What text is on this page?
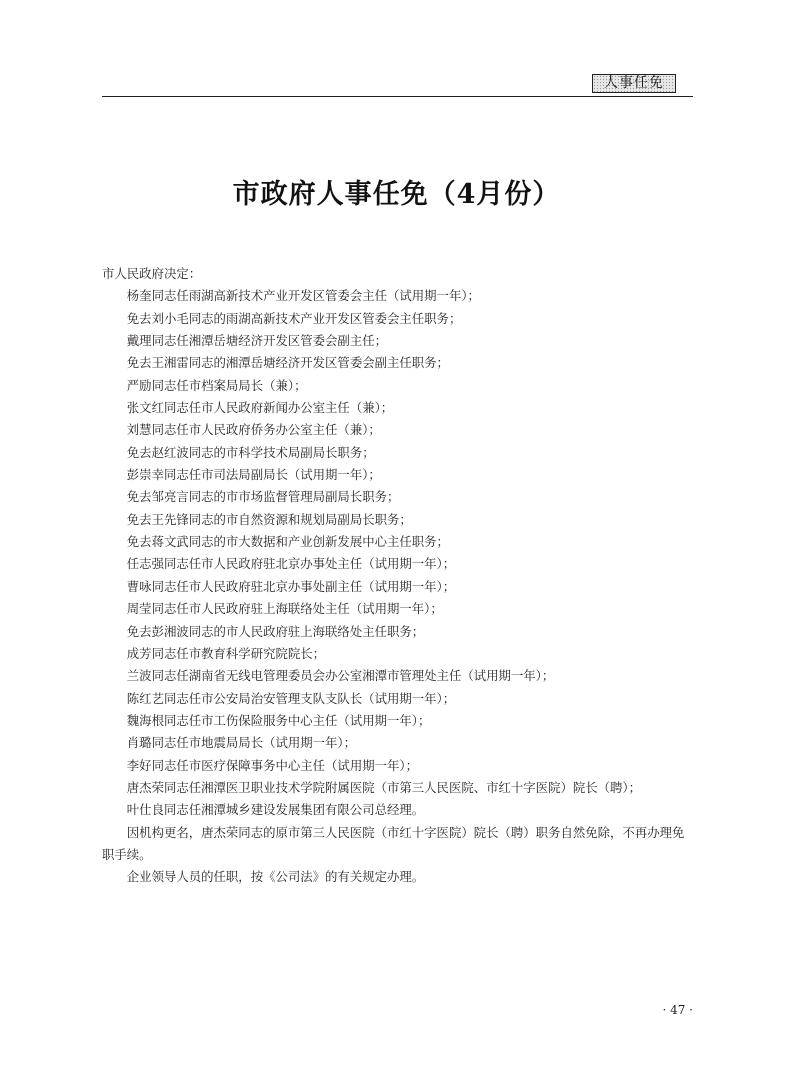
人事任免
市政府人事任免（4月份）

市人民政府决定：

杨奎同志任雨湖高新技术产业开发区管委会主任（试用期一年）；

免去刘小毛同志的雨湖高新技术产业开发区管委会主任职务；

戴理同志任湘潭岳塘经济开发区管委会副主任；

免去王湘雷同志的湘潭岳塘经济开发区管委会副主任职务；

严励同志任市档案局局长（兼）；

张文红同志任市人民政府新闻办公室主任（兼）；

刘慧同志任市人民政府侨务办公室主任（兼）；

免去赵红波同志的市科学技术局副局长职务；

彭崇幸同志任市司法局副局长（试用期一年）；

免去邹亮言同志的市市场监督管理局副局长职务；

免去王先锋同志的市自然资源和规划局副局长职务；

免去蒋文武同志的市大数据和产业创新发展中心主任职务；

任志强同志任市人民政府驻北京办事处主任（试用期一年）；

曹咏同志任市人民政府驻北京办事处副主任（试用期一年）；

周莹同志任市人民政府驻上海联络处主任（试用期一年）；

免去彭湘波同志的市人民政府驻上海联络处主任职务；

成芳同志任市教育科学研究院院长；

兰波同志任湖南省无线电管理委员会办公室湘潭市管理处主任（试用期一年）；

陈红艺同志任市公安局治安管理支队支队长（试用期一年）；

魏海根同志任市工伤保险服务中心主任（试用期一年）；

肖璐同志任市地震局局长（试用期一年）；

李好同志任市医疗保障事务中心主任（试用期一年）；

唐杰荣同志任湘潭医卫职业技术学院附属医院（市第三人民医院、市红十字医院）院长（聘）；

叶仕良同志任湘潭城乡建设发展集团有限公司总经理。

因机构更名，唐杰荣同志的原市第三人民医院（市红十字医院）院长（聘）职务自然免除，不再办理免职手续。

企业领导人员的任职，按《公司法》的有关规定办理。

· 47 ·
